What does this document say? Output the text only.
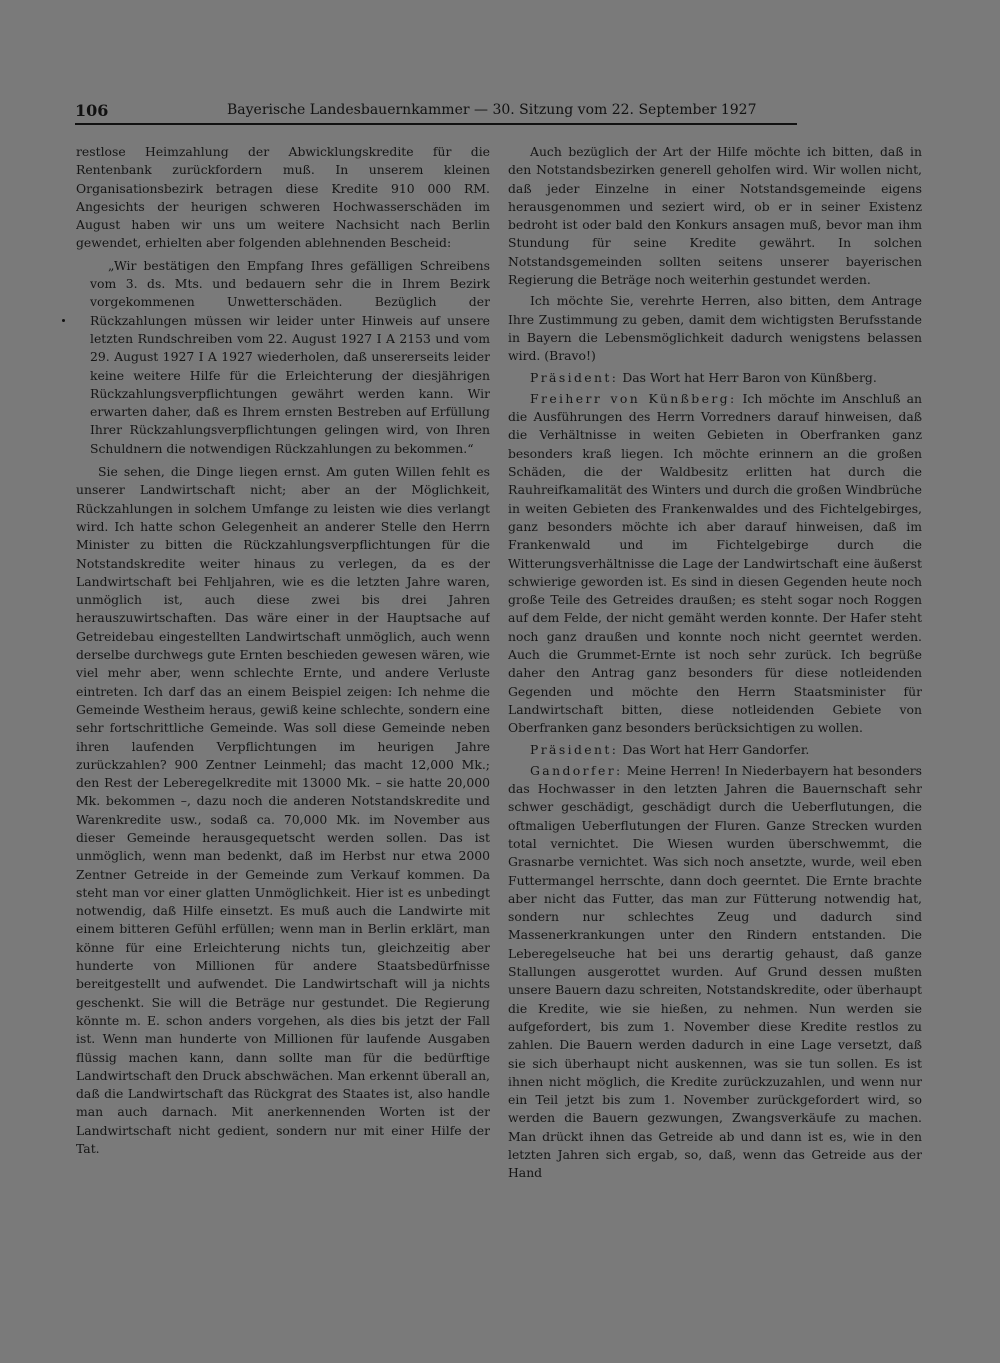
106	Bayerische Landesbauernkammer — 30. Sitzung vom 22. September 1927

restlose Heimzahlung der Abwicklungskredite für die Rentenbank zurückfordern muß. In unserem kleinen Organisationsbezirk betragen diese Kredite 910 000 RM. Angesichts der heurigen schweren Hochwasserschäden im August haben wir uns um weitere Nachsicht nach Berlin gewendet, erhielten aber folgenden ablehnenden Bescheid:

„Wir bestätigen den Empfang Ihres gefälligen Schreibens vom 3. ds. Mts. und bedauern sehr die in Ihrem Bezirk vorgekommenen Unwetterschäden. Bezüglich der Rückzahlungen müssen wir leider unter Hinweis auf unsere letzten Rundschreiben vom 22. August 1927 I A 2153 und vom 29. August 1927 I A 1927 wiederholen, daß unsererseits leider keine weitere Hilfe für die Erleichterung der diesjährigen Rückzahlungsverpflichtungen gewährt werden kann. Wir erwarten daher, daß es Ihrem ernsten Bestreben auf Erfüllung Ihrer Rückzahlungsverpflichtungen gelingen wird, von Ihren Schuldnern die notwendigen Rückzahlungen zu bekommen.“

Sie sehen, die Dinge liegen ernst. Am guten Willen fehlt es unserer Landwirtschaft nicht; aber an der Möglichkeit, Rückzahlungen in solchem Umfange zu leisten wie dies verlangt wird. Ich hatte schon Gelegenheit an anderer Stelle den Herrn Minister zu bitten die Rückzahlungsverpflichtungen für die Notstandskredite weiter hinaus zu verlegen, da es der Landwirtschaft bei Fehljahren, wie es die letzten Jahre waren, unmöglich ist, auch diese zwei bis drei Jahren herauszuwirtschaften. Das wäre einer in der Hauptsache auf Getreidebau eingestellten Landwirtschaft unmöglich, auch wenn derselbe durchwegs gute Ernten beschieden gewesen wären, wie viel mehr aber, wenn schlechte Ernte, und andere Verluste eintreten. Ich darf das an einem Beispiel zeigen: Ich nehme die Gemeinde Westheim heraus, gewiß keine schlechte, sondern eine sehr fortschrittliche Gemeinde. Was soll diese Gemeinde neben ihren laufenden Verpflichtungen im heurigen Jahre zurückzahlen? 900 Zentner Leinmehl; das macht 12,000 Mk.; den Rest der Leberegelkredite mit 13000 Mk. – sie hatte 20,000 Mk. bekommen –, dazu noch die anderen Notstandskredite und Warenkredite usw., sodaß ca. 70,000 Mk. im November aus dieser Gemeinde herausgequetscht werden sollen. Das ist unmöglich, wenn man bedenkt, daß im Herbst nur etwa 2000 Zentner Getreide in der Gemeinde zum Verkauf kommen. Da steht man vor einer glatten Unmöglichkeit. Hier ist es unbedingt notwendig, daß Hilfe einsetzt. Es muß auch die Landwirte mit einem bitteren Gefühl erfüllen; wenn man in Berlin erklärt, man könne für eine Erleichterung nichts tun, gleichzeitig aber hunderte von Millionen für andere Staatsbedürfnisse bereitgestellt und aufwendet. Die Landwirtschaft will ja nichts geschenkt. Sie will die Beträge nur gestundet. Die Regierung könnte m. E. schon anders vorgehen, als dies bis jetzt der Fall ist. Wenn man hunderte von Millionen für laufende Ausgaben flüssig machen kann, dann sollte man für die bedürftige Landwirtschaft den Druck abschwächen. Man erkennt überall an, daß die Landwirtschaft das Rückgrat des Staates ist, also handle man auch darnach. Mit anerkennenden Worten ist der Landwirtschaft nicht gedient, sondern nur mit einer Hilfe der Tat.

Auch bezüglich der Art der Hilfe möchte ich bitten, daß in den Notstandsbezirken generell geholfen wird. Wir wollen nicht, daß jeder Einzelne in einer Notstandsgemeinde eigens herausgenommen und seziert wird, ob er in seiner Existenz bedroht ist oder bald den Konkurs ansagen muß, bevor man ihm Stundung für seine Kredite gewährt. In solchen Notstandsgemeinden sollten seitens unserer bayerischen Regierung die Beträge noch weiterhin gestundet werden.

Ich möchte Sie, verehrte Herren, also bitten, dem Antrage Ihre Zustimmung zu geben, damit dem wichtigsten Berufsstande in Bayern die Lebensmöglichkeit dadurch wenigstens belassen wird. (Bravo!)

Präsident: Das Wort hat Herr Baron von Künßberg.

Freiherr von Künßberg: Ich möchte im Anschluß an die Ausführungen des Herrn Vorredners darauf hinweisen, daß die Verhältnisse in weiten Gebieten in Oberfranken ganz besonders kraß liegen. Ich möchte erinnern an die großen Schäden, die der Waldbesitz erlitten hat durch die Rauhreifkamalität des Winters und durch die großen Windbrüche in weiten Gebieten des Frankenwaldes und des Fichtelgebirges, ganz besonders möchte ich aber darauf hinweisen, daß im Frankenwald und im Fichtelgebirge durch die Witterungsverhältnisse die Lage der Landwirtschaft eine äußerst schwierige geworden ist. Es sind in diesen Gegenden heute noch große Teile des Getreides draußen; es steht sogar noch Roggen auf dem Felde, der nicht gemäht werden konnte. Der Hafer steht noch ganz draußen und konnte noch nicht geerntet werden. Auch die Grummet-Ernte ist noch sehr zurück. Ich begrüße daher den Antrag ganz besonders für diese notleidenden Gegenden und möchte den Herrn Staatsminister für Landwirtschaft bitten, diese notleidenden Gebiete von Oberfranken ganz besonders berücksichtigen zu wollen.

Präsident: Das Wort hat Herr Gandorfer.

Gandorfer: Meine Herren! In Niederbayern hat besonders das Hochwasser in den letzten Jahren die Bauernschaft sehr schwer geschädigt, geschädigt durch die Ueberflutungen, die oftmaligen Ueberflutungen der Fluren. Ganze Strecken wurden total vernichtet. Die Wiesen wurden überschwemmt, die Grasnarbe vernichtet. Was sich noch ansetzte, wurde, weil eben Futtermangel herrschte, dann doch geerntet. Die Ernte brachte aber nicht das Futter, das man zur Fütterung notwendig hat, sondern nur schlechtes Zeug und dadurch sind Massenerkrankungen unter den Rindern entstanden. Die Leberegelseuche hat bei uns derartig gehaust, daß ganze Stallungen ausgerottet wurden. Auf Grund dessen mußten unsere Bauern dazu schreiten, Notstandskredite, oder überhaupt die Kredite, wie sie hießen, zu nehmen. Nun werden sie aufgefordert, bis zum 1. November diese Kredite restlos zu zahlen. Die Bauern werden dadurch in eine Lage versetzt, daß sie sich überhaupt nicht auskennen, was sie tun sollen. Es ist ihnen nicht möglich, die Kredite zurückzuzahlen, und wenn nur ein Teil jetzt bis zum 1. November zurückgefordert wird, so werden die Bauern gezwungen, Zwangsverkäufe zu machen. Man drückt ihnen das Getreide ab und dann ist es, wie in den letzten Jahren sich ergab, so, daß, wenn das Getreide aus der Hand
